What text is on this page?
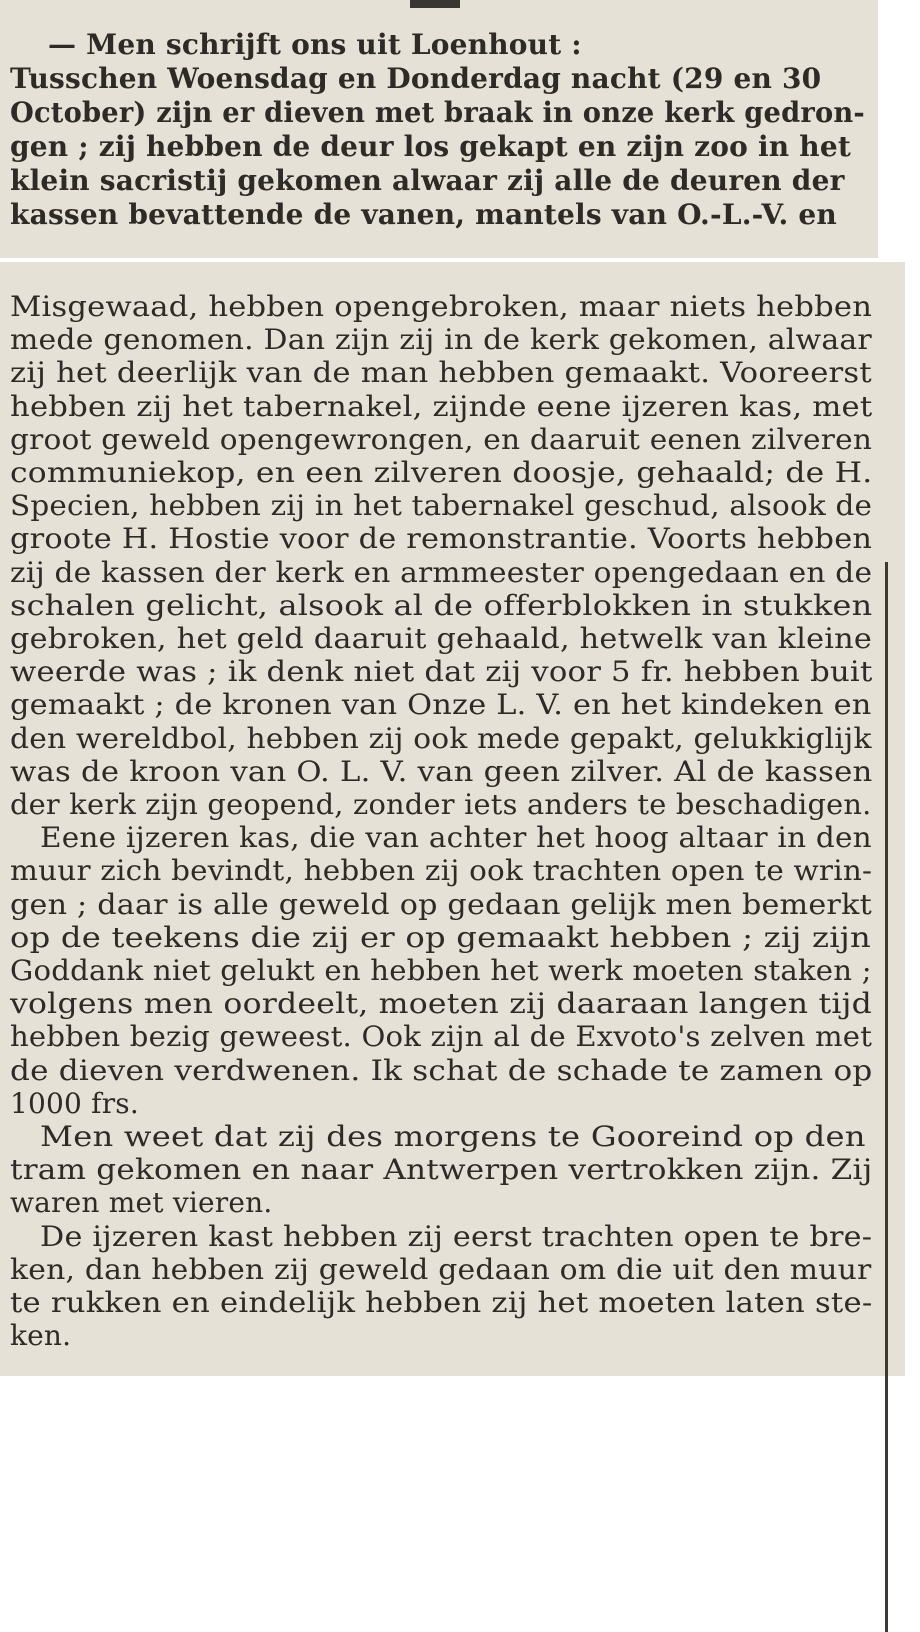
— Men schrijft ons uit Loenhout :
Tusschen Woensdag en Donderdag nacht (29 en 30
October) zijn er dieven met braak in onze kerk gedron-
gen ; zij hebben de deur los gekapt en zijn zoo in het
klein sacristij gekomen alwaar zij alle de deuren der
kassen bevattende de vanen, mantels van O.-L.-V. en
Misgewaad, hebben opengebroken, maar niets hebben
mede genomen. Dan zijn zij in de kerk gekomen, alwaar
zij het deerlijk van de man hebben gemaakt. Vooreerst
hebben zij het tabernakel, zijnde eene ijzeren kas, met
groot geweld opengewrongen, en daaruit eenen zilveren
communiekop, en een zilveren doosje, gehaald; de H.
Specien, hebben zij in het tabernakel geschud, alsook de
groote H. Hostie voor de remonstrantie. Voorts hebben
zij de kassen der kerk en armmeester opengedaan en de
schalen gelicht, alsook al de offerblokken in stukken
gebroken, het geld daaruit gehaald, hetwelk van kleine
weerde was ; ik denk niet dat zij voor 5 fr. hebben buit
gemaakt ; de kronen van Onze L. V. en het kindeken en
den wereldbol, hebben zij ook mede gepakt, gelukkiglijk
was de kroon van O. L. V. van geen zilver. Al de kassen
der kerk zijn geopend, zonder iets anders te beschadigen.
Eene ijzeren kas, die van achter het hoog altaar in den
muur zich bevindt, hebben zij ook trachten open te wrin-
gen ; daar is alle geweld op gedaan gelijk men bemerkt
op de teekens die zij er op gemaakt hebben ; zij zijn
Goddank niet gelukt en hebben het werk moeten staken ;
volgens men oordeelt, moeten zij daaraan langen tijd
hebben bezig geweest. Ook zijn al de Exvoto's zelven met
de dieven verdwenen. Ik schat de schade te zamen op
1000 frs.
Men weet dat zij des morgens te Gooreind op den
tram gekomen en naar Antwerpen vertrokken zijn. Zij
waren met vieren.
De ijzeren kast hebben zij eerst trachten open te bre-
ken, dan hebben zij geweld gedaan om die uit den muur
te rukken en eindelijk hebben zij het moeten laten ste-
ken.
